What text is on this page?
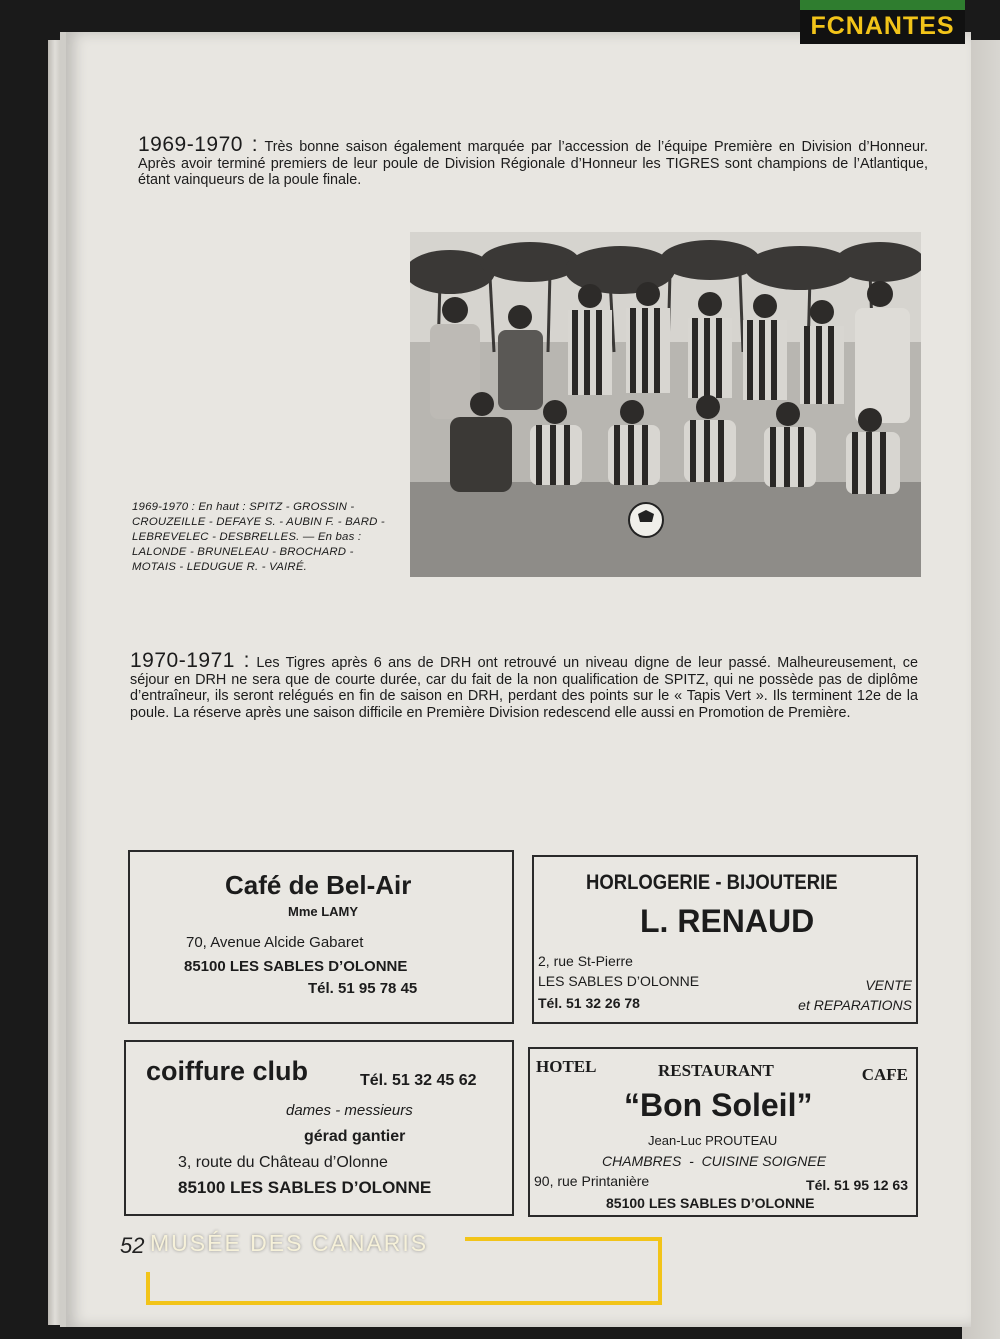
FCNANTES
1969-1970 : Très bonne saison également marquée par l’accession de l’équipe Première en Division d’Honneur. Après avoir terminé premiers de leur poule de Division Régionale d’Honneur les TIGRES sont champions de l’Atlantique, étant vainqueurs de la poule finale.
1969-1970 : En haut : SPITZ - GROSSIN - CROUZEILLE - DEFAYE S. - AUBIN F. - BARD - LEBREVELEC - DESBRELLES. — En bas : LALONDE - BRUNELEAU - BROCHARD - MOTAIS - LEDUGUE R. - VAIRÉ.
1970-1971 : Les Tigres après 6 ans de DRH ont retrouvé un niveau digne de leur passé. Malheureusement, ce séjour en DRH ne sera que de courte durée, car du fait de la non qualification de SPITZ, qui ne possède pas de diplôme d’entraîneur, ils seront relégués en fin de saison en DRH, perdant des points sur le « Tapis Vert ». Ils terminent 12e de la poule. La réserve après une saison difficile en Première Division redescend elle aussi en Promotion de Première.
Café de Bel-Air
Mme LAMY
70, Avenue Alcide Gabaret
85100 LES SABLES D’OLONNE
Tél. 51 95 78 45
HORLOGERIE - BIJOUTERIE
L. RENAUD
2, rue St-Pierre
LES SABLES D’OLONNE
Tél. 51 32 26 78
VENTE
et REPARATIONS
coiffure club	Tél. 51 32 45 62
dames - messieurs
gérad gantier
3, route du Château d’Olonne
85100 LES SABLES D’OLONNE
HOTEL	RESTAURANT	CAFE
“Bon Soleil”
Jean-Luc PROUTEAU
CHAMBRES  -  CUISINE SOIGNEE
90, rue Printanière	Tél. 51 95 12 63
85100 LES SABLES D’OLONNE
52 MUSÉE DES CANARIS
